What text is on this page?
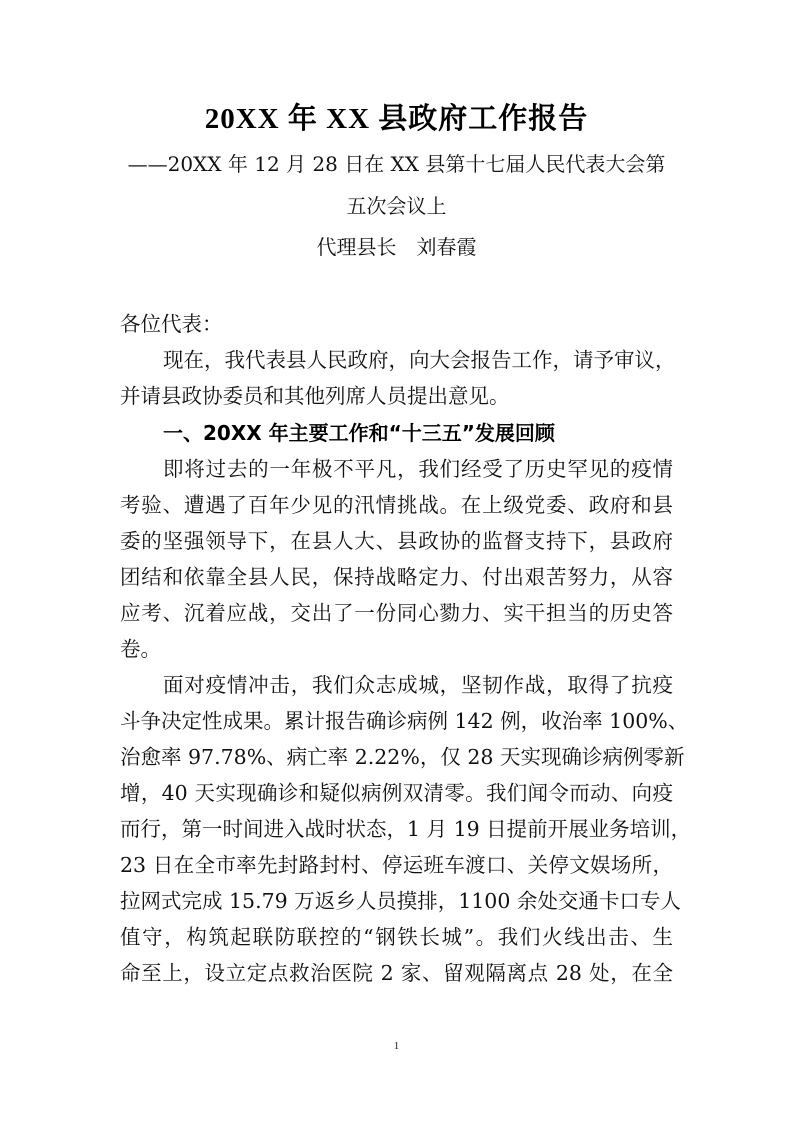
20XX 年 XX 县政府工作报告
——20XX 年 12 月 28 日在 XX 县第十七届人民代表大会第
五次会议上
代理县长　刘春霞
各位代表：
现在，我代表县人民政府，向大会报告工作，请予审议，
并请县政协委员和其他列席人员提出意见。
一、20XX 年主要工作和“十三五”发展回顾
即将过去的一年极不平凡，我们经受了历史罕见的疫情
考验、遭遇了百年少见的汛情挑战。在上级党委、政府和县
委的坚强领导下，在县人大、县政协的监督支持下，县政府
团结和依靠全县人民，保持战略定力、付出艰苦努力，从容
应考、沉着应战，交出了一份同心勠力、实干担当的历史答
卷。
面对疫情冲击，我们众志成城，坚韧作战，取得了抗疫
斗争决定性成果。累计报告确诊病例 142 例，收治率 100%、
治愈率 97.78%、病亡率 2.22%，仅 28 天实现确诊病例零新
增，40 天实现确诊和疑似病例双清零。我们闻令而动、向疫
而行，第一时间进入战时状态，1 月 19 日提前开展业务培训，
23 日在全市率先封路封村、停运班车渡口、关停文娱场所，
拉网式完成 15.79 万返乡人员摸排，1100 余处交通卡口专人
值守，构筑起联防联控的“钢铁长城”。我们火线出击、生
命至上，设立定点救治医院 2 家、留观隔离点 28 处，在全
1
